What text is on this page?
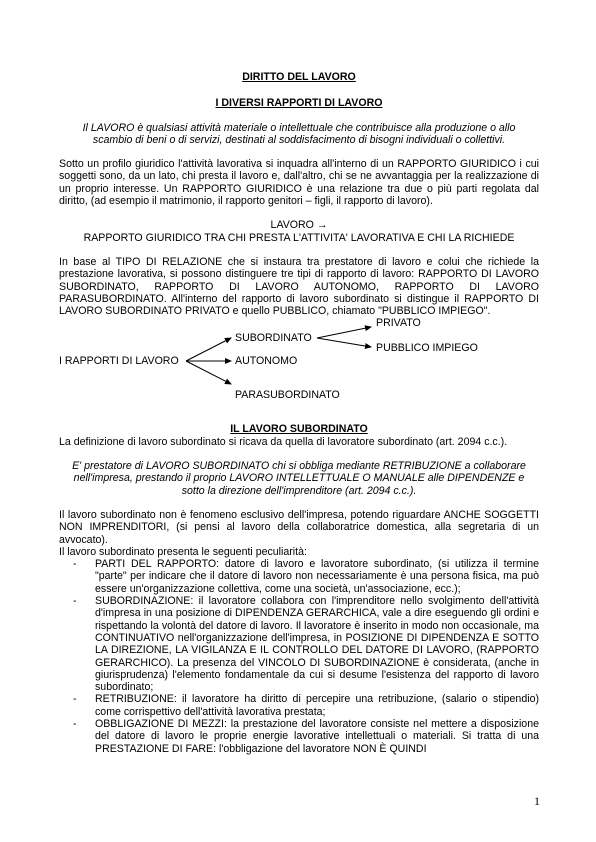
DIRITTO DEL LAVORO

I DIVERSI RAPPORTI DI LAVORO

Il LAVORO è qualsiasi attività materiale o intellettuale che contribuisce alla produzione o allo scambio di beni o di servizi, destinati al soddisfacimento di bisogni individuali o collettivi.

Sotto un profilo giuridico l'attività lavorativa si inquadra all'interno di un RAPPORTO GIURIDICO i cui soggetti sono, da un lato, chi presta il lavoro e, dall'altro, chi se ne avvantaggia per la realizzazione di un proprio interesse. Un RAPPORTO GIURIDICO è una relazione tra due o più parti regolata dal diritto, (ad esempio il matrimonio, il rapporto genitori – figli, il rapporto di lavoro).

LAVORO →

RAPPORTO GIURIDICO TRA CHI PRESTA L'ATTIVITA' LAVORATIVA E CHI LA RICHIEDE

In base al TIPO DI RELAZIONE che si instaura tra prestatore di lavoro e colui che richiede la prestazione lavorativa, si possono distinguere tre tipi di rapporto di lavoro: RAPPORTO DI LAVORO SUBORDINATO, RAPPORTO DI LAVORO AUTONOMO, RAPPORTO DI LAVORO PARASUBORDINATO. All'interno del rapporto di lavoro subordinato si distingue il RAPPORTO DI LAVORO SUBORDINATO PRIVATO e quello PUBBLICO, chiamato "PUBBLICO IMPIEGO".

I RAPPORTI DI LAVORO
SUBORDINATO
AUTONOMO
PARASUBORDINATO
PRIVATO
PUBBLICO IMPIEGO

IL LAVORO SUBORDINATO

La definizione di lavoro subordinato si ricava da quella di lavoratore subordinato (art. 2094 c.c.).

E' prestatore di LAVORO SUBORDINATO chi si obbliga mediante RETRIBUZIONE a collaborare nell'impresa, prestando il proprio LAVORO INTELLETTUALE O MANUALE alle DIPENDENZE e sotto la direzione dell'imprenditore (art. 2094 c.c.).

Il lavoro subordinato non è fenomeno esclusivo dell'impresa, potendo riguardare ANCHE SOGGETTI NON IMPRENDITORI, (si pensi al lavoro della collaboratrice domestica, alla segretaria di un avvocato).

Il lavoro subordinato presenta le seguenti peculiarità:

- PARTI DEL RAPPORTO: datore di lavoro e lavoratore subordinato, (si utilizza il termine "parte" per indicare che il datore di lavoro non necessariamente è una persona fisica, ma può essere un'organizzazione collettiva, come una società, un'associazione, ecc.);
- SUBORDINAZIONE: il lavoratore collabora con l'imprenditore nello svolgimento dell'attività d'impresa in una posizione di DIPENDENZA GERARCHICA, vale a dire eseguendo gli ordini e rispettando la volontà del datore di lavoro. Il lavoratore è inserito in modo non occasionale, ma CONTINUATIVO nell'organizzazione dell'impresa, in POSIZIONE DI DIPENDENZA E SOTTO LA DIREZIONE, LA VIGILANZA E IL CONTROLLO DEL DATORE DI LAVORO, (RAPPORTO GERARCHICO). La presenza del VINCOLO DI SUBORDINAZIONE è considerata, (anche in giurisprudenza) l'elemento fondamentale da cui si desume l'esistenza del rapporto di lavoro subordinato;
- RETRIBUZIONE: il lavoratore ha diritto di percepire una retribuzione, (salario o stipendio) come corrispettivo dell'attività lavorativa prestata;
- OBBLIGAZIONE DI MEZZI: la prestazione del lavoratore consiste nel mettere a disposizione del datore di lavoro le proprie energie lavorative intellettuali o materiali. Si tratta di una PRESTAZIONE DI FARE: l'obbligazione del lavoratore NON È QUINDI
1
